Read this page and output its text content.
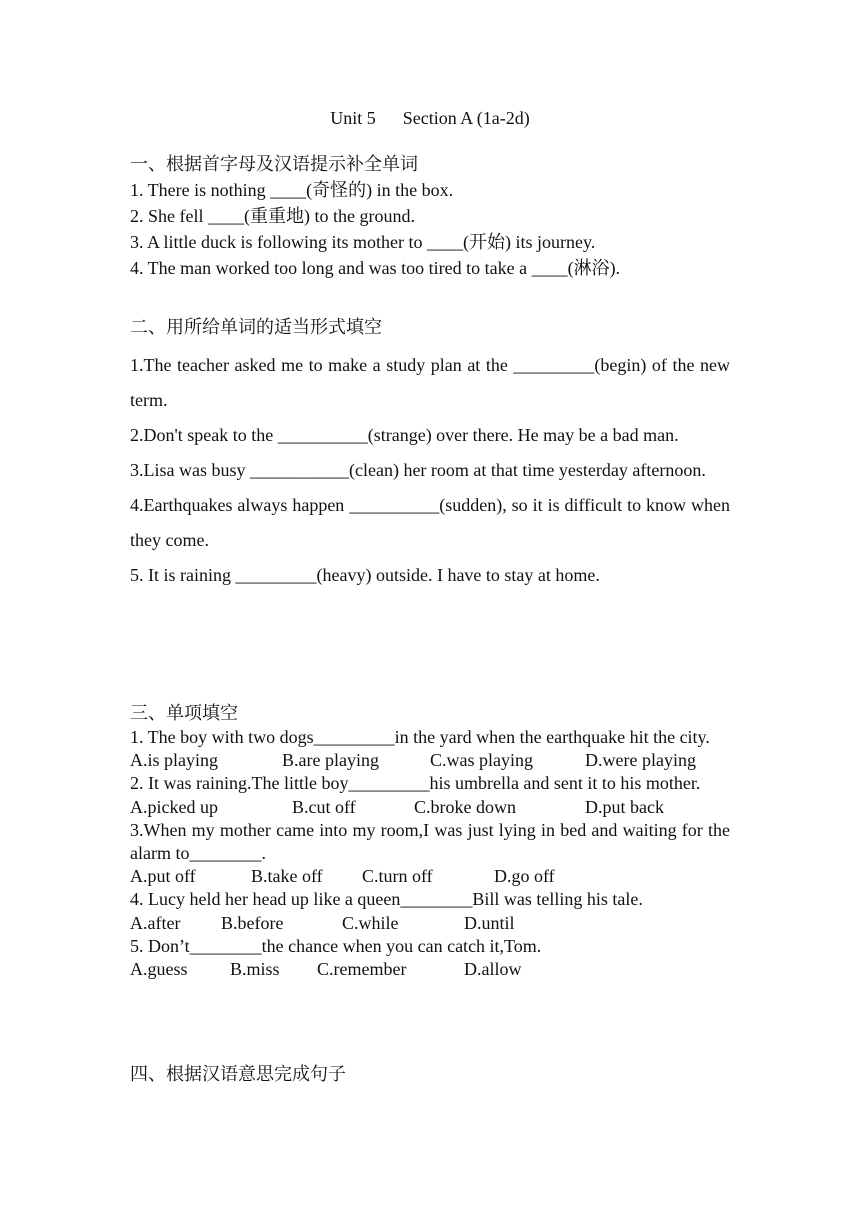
Unit 5　  Section A (1a-2d)
一、根据首字母及汉语提示补全单词
1. There is nothing ____(奇怪的) in the box.
2. She fell ____(重重地) to the ground.
3. A little duck is following its mother to ____(开始) its journey.
4. The man worked too long and was too tired to take a ____(淋浴).
二、用所给单词的适当形式填空
1.The teacher asked me to make a study plan at the _________(begin) of the new term.
2.Don't speak to the __________(strange) over there. He may be a bad man.
3.Lisa was busy ___________(clean) her room at that time yesterday afternoon.
4.Earthquakes always happen __________(sudden), so it is difficult to know when they come.
5. It is raining _________(heavy) outside. I have to stay at home.
三、单项填空
1. The boy with two dogs_________in the yard when the earthquake hit the city.
A.is playing	B.are playing	C.was playing	D.were playing
2. It was raining.The little boy_________his umbrella and sent it to his mother.
A.picked up	B.cut off	C.broke down	D.put back
3.When my mother came into my room,I was just lying in bed and waiting for the alarm to________.
A.put off	B.take off C.turn off	D.go off
4. Lucy held her head up like a queen________Bill was telling his tale.
A.after B.before	C.while	D.until
5. Don’t________the chance when you can catch it,Tom.
A.guess B.miss C.remember	D.allow
四、根据汉语意思完成句子
